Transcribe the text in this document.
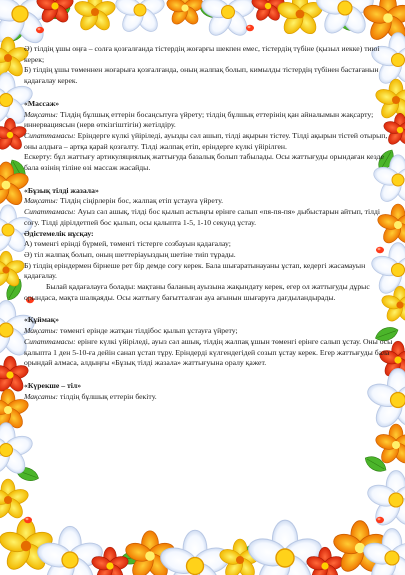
Ә) тілдің ұшы оңға – солға қозғалғанда тістердің жоғарғы шекпен емес, тістердің түбіне (қызыл иекке) тиюі керек;

Б) тілдің ұшы төменнен жоғарыға қозғалғанда, оның жалпақ болып, кимылды тістердің түбінен бастағанын қадағалау керек.

«Массаж»

Мақсаты: Тілдің бұлшық еттерін босаңсытуға үйрету; тілдің бұлшық еттерінің қан айналымын жақсарту; иннервациясын (нерв өткізгіштігін) жетілдіру.

Сипаттамасы: Еріндерге күлкі үйіріледі, ауызды сәл ашып, тілді ақырын тістеу. Тілді ақырын тістей отырып, оны алдыға – артқа қарай қозғалту. Тілді жалпақ етіп, еріндерге күлкі үйірілген.

Ескерту: бұл жаттығу артикуляциялық жаттығуда базалық болып табылады. Осы жаттығуды орындаған кезде бала өзінің тіліне өзі массаж жасайды.

«Бұзық тілді жазала»

Мақсаты: Тілдің сіңірлерін бос, жалпақ етіп ұстауға үйрету.

Сипаттамасы: Ауыз сәл ашық, тілді бос қылып астыңғы ерінге салып «пя-пя-пя» дыбыстарын айтып, тілді соғу. Тілді дірілдетпей бос қылып, осы қалыпта 1-5, 1-10 секунд ұстау.

Әдістемелік нұсқау:

А) төменгі ерінді бүрмей, төменгі тістерге созбауын қадағалау;

Ә) тіл жалпақ болып, оның шеттеріауыздың шетіне тиіп тұрады.

Б) тілдің еріндермен бірнеше рет бір демде соғу керек. Бала шығаратынауаны ұстап, кедергі жасамауын қадағалау.

Былай қадағалауға болады: мақтаны баланың ауызына жақындату керек, егер ол жаттығуды дұрыс орындаса, мақта шалқаяды. Осы жаттығу бағытталған ауа ағынын шығаруға дағдыландырады.

«Құймақ»

Мақсаты: төменгі ерінде жатқан тілдібос қылып ұстауға үйрету;

Сипаттамасы: ерінге күлкі үйіріледі, ауыз сәл ашық, тілдің жалпақ ұшын төменгі ерінге салып ұстау. Оны осы қалыпта 1 ден 5-10-ға дейін санап ұстап тұру. Еріндерді күлгендегідей созып ұстау керек. Егер жаттығуды бала орындай алмаса, алдыңғы «Бұзық тілді жазала» жаттығуына оралу қажет.

«Күрекше – тіл»

Мақсаты: тілдің бұлшық еттерін бекіту.
